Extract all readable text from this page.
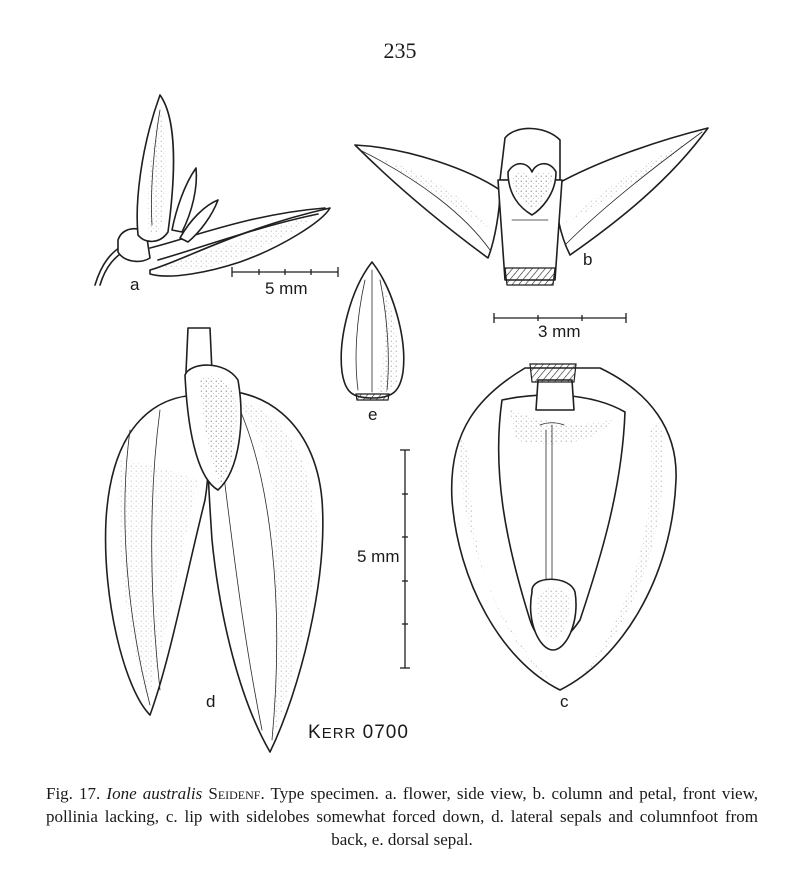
235
a	5 mm
b
3 mm
e
d
5 mm
c
KERR 0700
Fig. 17. Ione australis Seidenf. Type specimen. a. flower, side view, b. column and petal, front view, pollinia lacking, c. lip with sidelobes somewhat forced down, d. lateral sepals and columnfoot from back, e. dorsal sepal.
